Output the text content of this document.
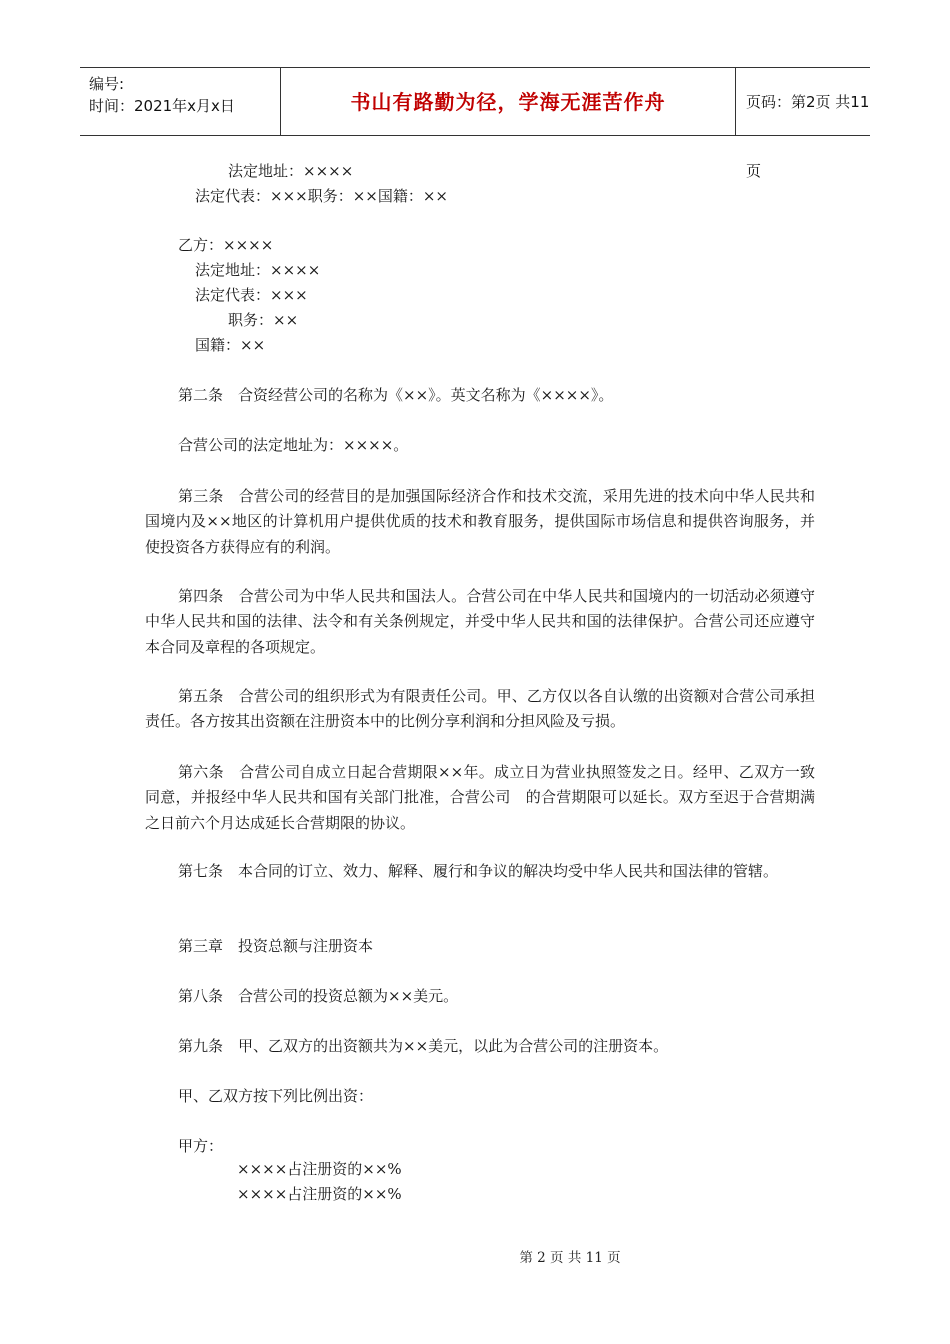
编号:
时间：2021年x月x日	书山有路勤为径，学海无涯苦作舟	页码：第2页 共11页

法定地址：××××

法定代表：×××职务：××国籍：××

乙方：××××

法定地址：××××

法定代表：×××

职务：××

国籍：××

第二条　合资经营公司的名称为《××》。英文名称为《××××》。

合营公司的法定地址为：××××。

第三条　合营公司的经营目的是加强国际经济合作和技术交流，采用先进的技术向中华人民共和国境内及××地区的计算机用户提供优质的技术和教育服务，提供国际市场信息和提供咨询服务，并使投资各方获得应有的利润。

第四条　合营公司为中华人民共和国法人。合营公司在中华人民共和国境内的一切活动必须遵守中华人民共和国的法律、法令和有关条例规定，并受中华人民共和国的法律保护。合营公司还应遵守本合同及章程的各项规定。

第五条　合营公司的组织形式为有限责任公司。甲、乙方仅以各自认缴的出资额对合营公司承担责任。各方按其出资额在注册资本中的比例分享利润和分担风险及亏损。

第六条　合营公司自成立日起合营期限××年。成立日为营业执照签发之日。经甲、乙双方一致同意，并报经中华人民共和国有关部门批准，合营公司　的合营期限可以延长。双方至迟于合营期满之日前六个月达成延长合营期限的协议。

第七条　本合同的订立、效力、解释、履行和争议的解决均受中华人民共和国法律的管辖。

第三章　投资总额与注册资本

第八条　合营公司的投资总额为××美元。

第九条　甲、乙双方的出资额共为××美元，以此为合营公司的注册资本。

甲、乙双方按下列比例出资：

甲方：

××××占注册资的××%

××××占注册资的××%

第 2 页 共 11 页
